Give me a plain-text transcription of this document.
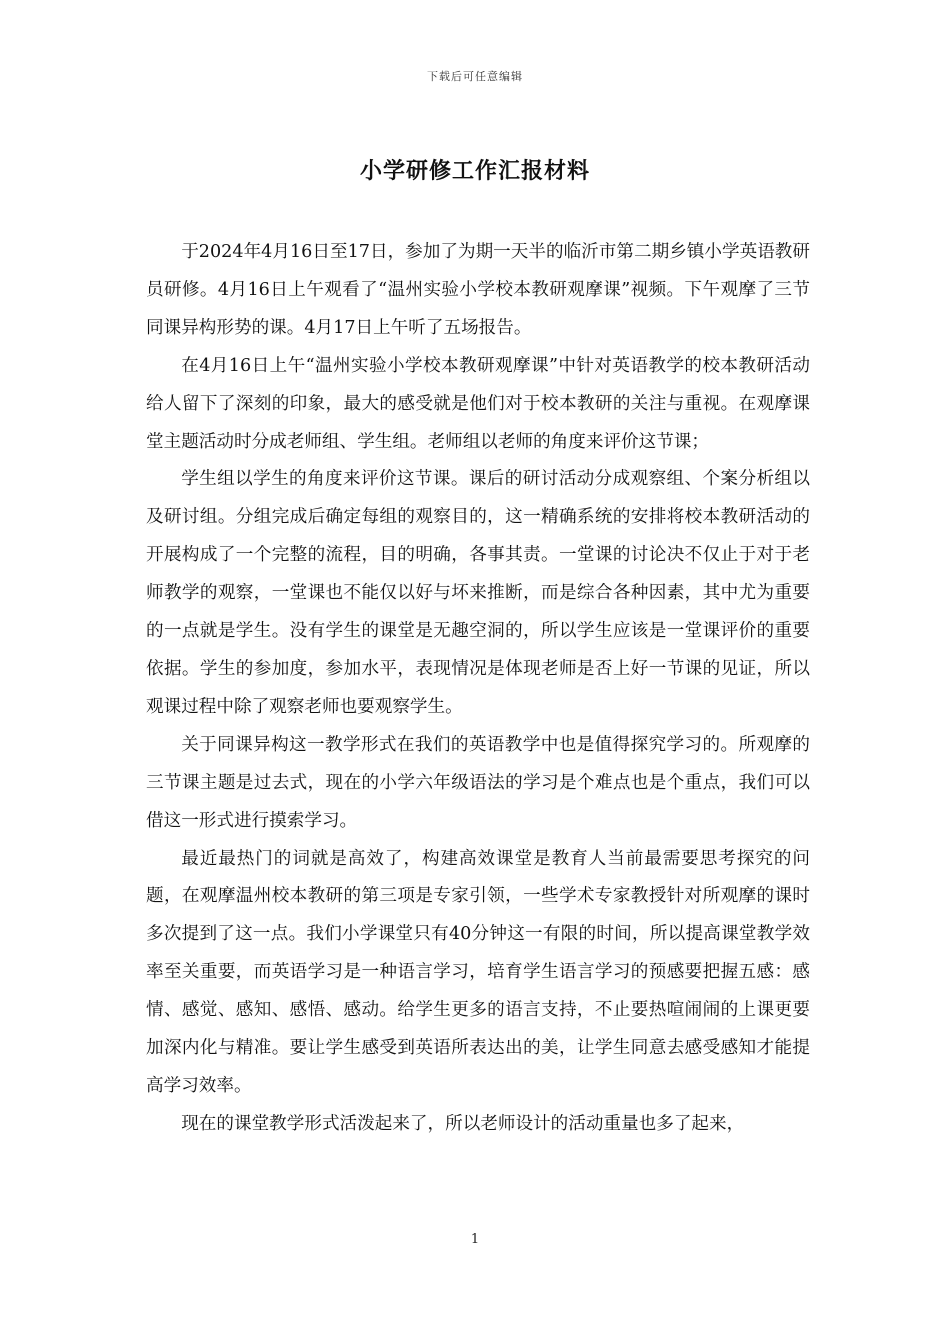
下载后可任意编辑
小学研修工作汇报材料

于2024年4月16日至17日，参加了为期一天半的临沂市第二期乡镇小学英语教研员研修。4月16日上午观看了“温州实验小学校本教研观摩课”视频。下午观摩了三节同课异构形势的课。4月17日上午听了五场报告。

在4月16日上午“温州实验小学校本教研观摩课”中针对英语教学的校本教研活动给人留下了深刻的印象，最大的感受就是他们对于校本教研的关注与重视。在观摩课堂主题活动时分成老师组、学生组。老师组以老师的角度来评价这节课；

学生组以学生的角度来评价这节课。课后的研讨活动分成观察组、个案分析组以及研讨组。分组完成后确定每组的观察目的，这一精确系统的安排将校本教研活动的开展构成了一个完整的流程，目的明确，各事其责。一堂课的讨论决不仅止于对于老师教学的观察，一堂课也不能仅以好与坏来推断，而是综合各种因素，其中尤为重要的一点就是学生。没有学生的课堂是无趣空洞的，所以学生应该是一堂课评价的重要依据。学生的参加度，参加水平，表现情况是体现老师是否上好一节课的见证，所以观课过程中除了观察老师也要观察学生。

关于同课异构这一教学形式在我们的英语教学中也是值得探究学习的。所观摩的三节课主题是过去式，现在的小学六年级语法的学习是个难点也是个重点，我们可以借这一形式进行摸索学习。

最近最热门的词就是高效了，构建高效课堂是教育人当前最需要思考探究的问题，在观摩温州校本教研的第三项是专家引领，一些学术专家教授针对所观摩的课时多次提到了这一点。我们小学课堂只有40分钟这一有限的时间，所以提高课堂教学效率至关重要，而英语学习是一种语言学习，培育学生语言学习的预感要把握五感：感情、感觉、感知、感悟、感动。给学生更多的语言支持，不止要热喧闹闹的上课更要加深内化与精准。要让学生感受到英语所表达出的美，让学生同意去感受感知才能提高学习效率。

现在的课堂教学形式活泼起来了，所以老师设计的活动重量也多了起来，

1
